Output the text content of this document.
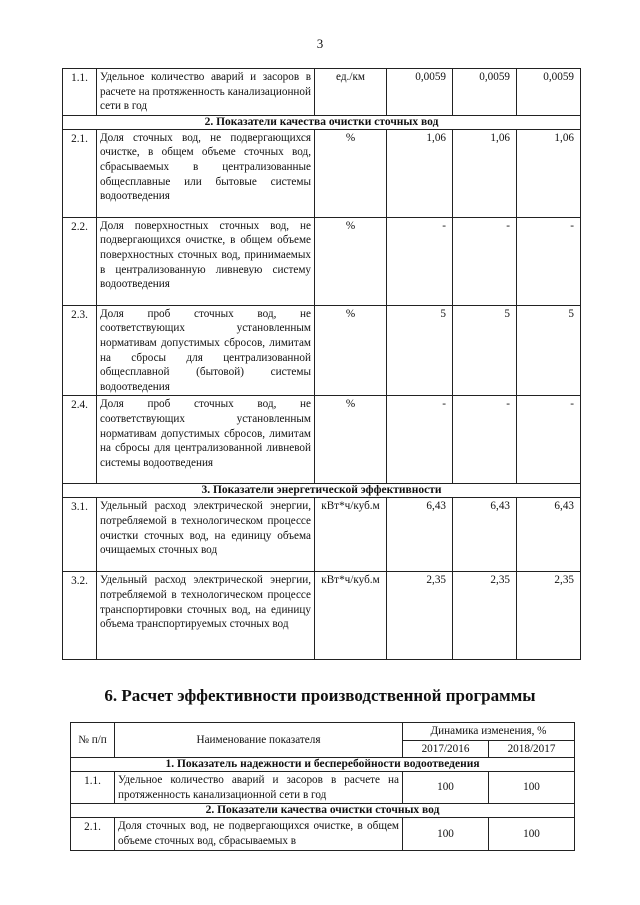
3
1.1.	Удельное количество аварий и засоров в расчете на протяженность канализационной сети в год	ед./км	0,0059	0,0059	0,0059
2. Показатели качества очистки сточных вод					
2.1.	Доля сточных вод, не подвергающихся очистке, в общем объеме сточных вод, сбрасываемых в централизованные общесплавные или бытовые системы водоотведения	%	1,06	1,06	1,06
2.2.	Доля поверхностных сточных вод, не подвергающихся очистке, в общем объеме поверхностных сточных вод, принимаемых в централизованную ливневую систему водоотведения	%	-	-	-
2.3.	Доля проб сточных вод, не соответствующих установленным нормативам допустимых сбросов, лимитам на сбросы для централизованной общесплавной (бытовой) системы водоотведения	%	5	5	5
2.4.	Доля проб сточных вод, не соответствующих установленным нормативам допустимых сбросов, лимитам на сбросы для централизованной ливневой системы водоотведения	%	-	-	-
3. Показатели энергетической эффективности					
3.1.	Удельный расход электрической энергии, потребляемой в технологическом процессе очистки сточных вод, на единицу объема очищаемых сточных вод	кВт*ч/куб.м	6,43	6,43	6,43
3.2.	Удельный расход электрической энергии, потребляемой в технологическом процессе транспортировки сточных вод, на единицу объема транспортируемых сточных вод	кВт*ч/куб.м	2,35	2,35	2,35
6. Расчет эффективности производственной программы
№ п/п	Наименование показателя	Динамика изменения, %	
		2017/2016	2018/2017
1. Показатель надежности и бесперебойности водоотведения			
1.1.	Удельное количество аварий и засоров в расчете на протяженность канализационной сети в год	100	100
2. Показатели качества очистки сточных вод			
2.1.	Доля сточных вод, не подвергающихся очистке, в общем объеме сточных вод, сбрасываемых в	100	100
